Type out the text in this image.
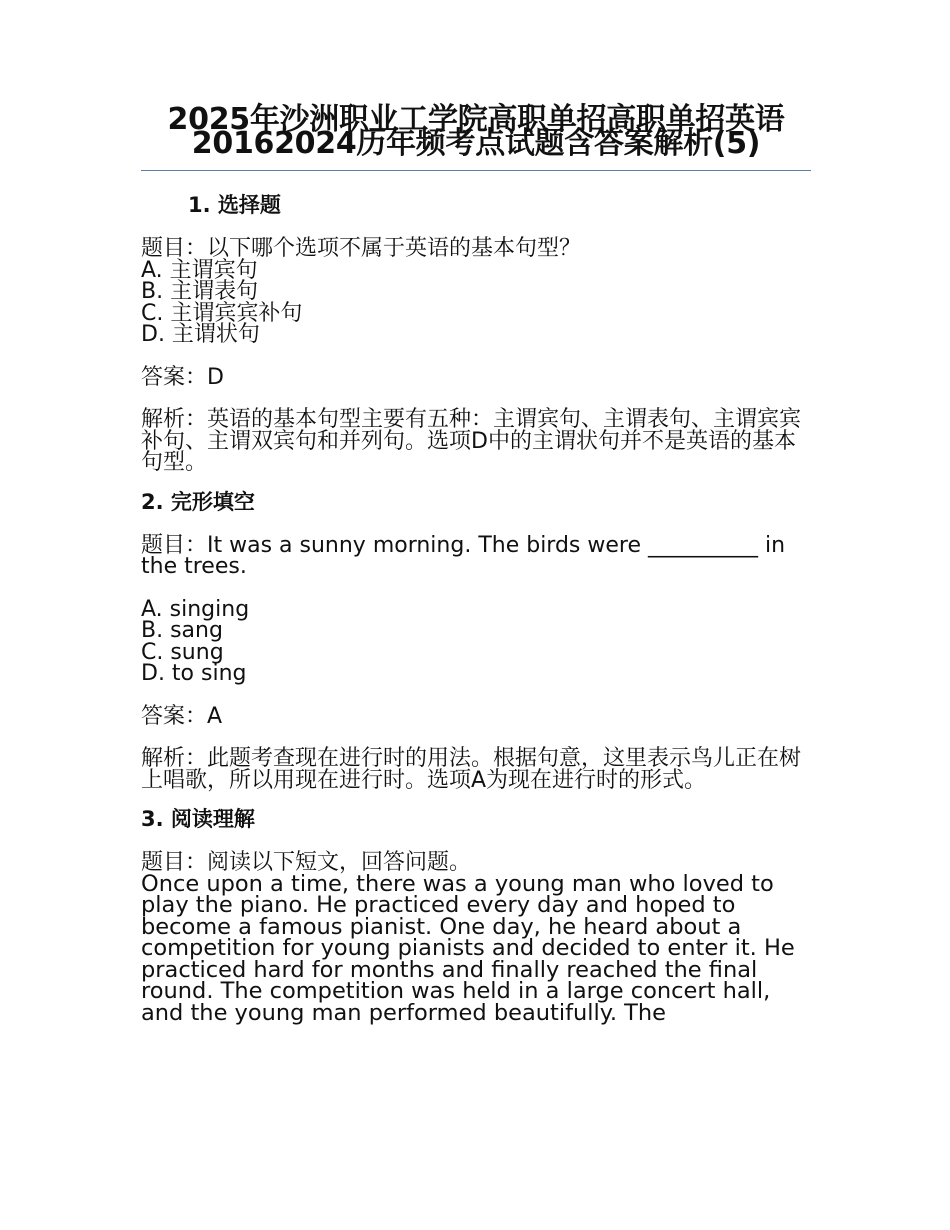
2025年沙洲职业工学院高职单招高职单招英语20162024历年频考点试题含答案解析(5)
1. 选择题

题目：以下哪个选项不属于英语的基本句型？

A. 主谓宾句
B. 主谓表句
C. 主谓宾宾补句
D. 主谓状句

答案：D

解析：英语的基本句型主要有五种：主谓宾句、主谓表句、主谓宾宾补句、主谓双宾句和并列句。选项D中的主谓状句并不是英语的基本句型。

2. 完形填空

题目：It was a sunny morning. The birds were __________ in the trees.

A. singing
B. sang
C. sung
D. to sing

答案：A

解析：此题考查现在进行时的用法。根据句意，这里表示鸟儿正在树上唱歌，所以用现在进行时。选项A为现在进行时的形式。

3. 阅读理解

题目：阅读以下短文，回答问题。

Once upon a time, there was a young man who loved to play the piano. He practiced every day and hoped to become a famous pianist. One day, he heard about a competition for young pianists and decided to enter it. He practiced hard for months and finally reached the final round. The competition was held in a large concert hall, and the young man performed beautifully. The
